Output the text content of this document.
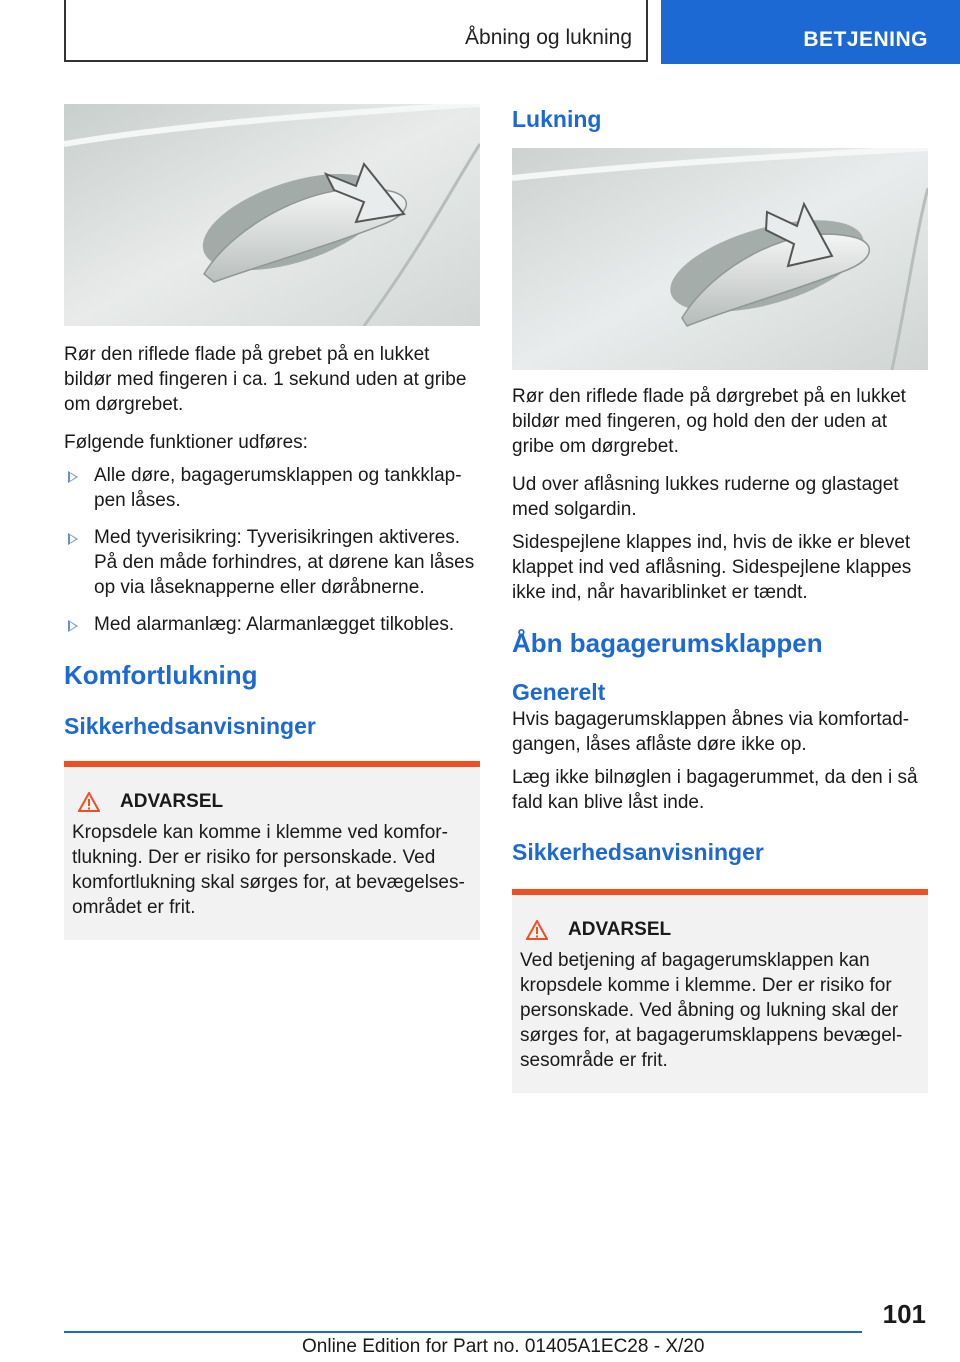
Åbning og lukning	BETJENING

Rør den riflede flade på grebet på en lukket bildør med fingeren i ca. 1 sekund uden at gribe om dørgrebet.

Følgende funktioner udføres:

Alle døre, bagagerumsklappen og tankklap-pen låses.
Med tyverisikring: Tyverisikringen aktiveres. På den måde forhindres, at dørene kan låses op via låseknapperne eller døråbnerne.
Med alarmanlæg: Alarmanlægget tilkobles.
Komfortlukning
Sikkerhedsanvisninger
ADVARSEL

Kropsdele kan komme i klemme ved komfor-tlukning. Der er risiko for personskade. Ved komfortlukning skal sørges for, at bevægelses-området er frit.

Lukning

Rør den riflede flade på dørgrebet på en lukket bildør med fingeren, og hold den der uden at gribe om dørgrebet.

Ud over aflåsning lukkes ruderne og glastaget med solgardin.

Sidespejlene klappes ind, hvis de ikke er blevet klappet ind ved aflåsning. Sidespejlene klappes ikke ind, når havariblinket er tændt.

Åbn bagagerumsklappen
Generelt

Hvis bagagerumsklappen åbnes via komfortad-gangen, låses aflåste døre ikke op.

Læg ikke bilnøglen i bagagerummet, da den i så fald kan blive låst inde.

Sikkerhedsanvisninger
ADVARSEL

Ved betjening af bagagerumsklappen kan kropsdele komme i klemme. Der er risiko for personskade. Ved åbning og lukning skal der sørges for, at bagagerumsklappens bevægel-sesområde er frit.

101
Online Edition for Part no. 01405A1EC28 - X/20
